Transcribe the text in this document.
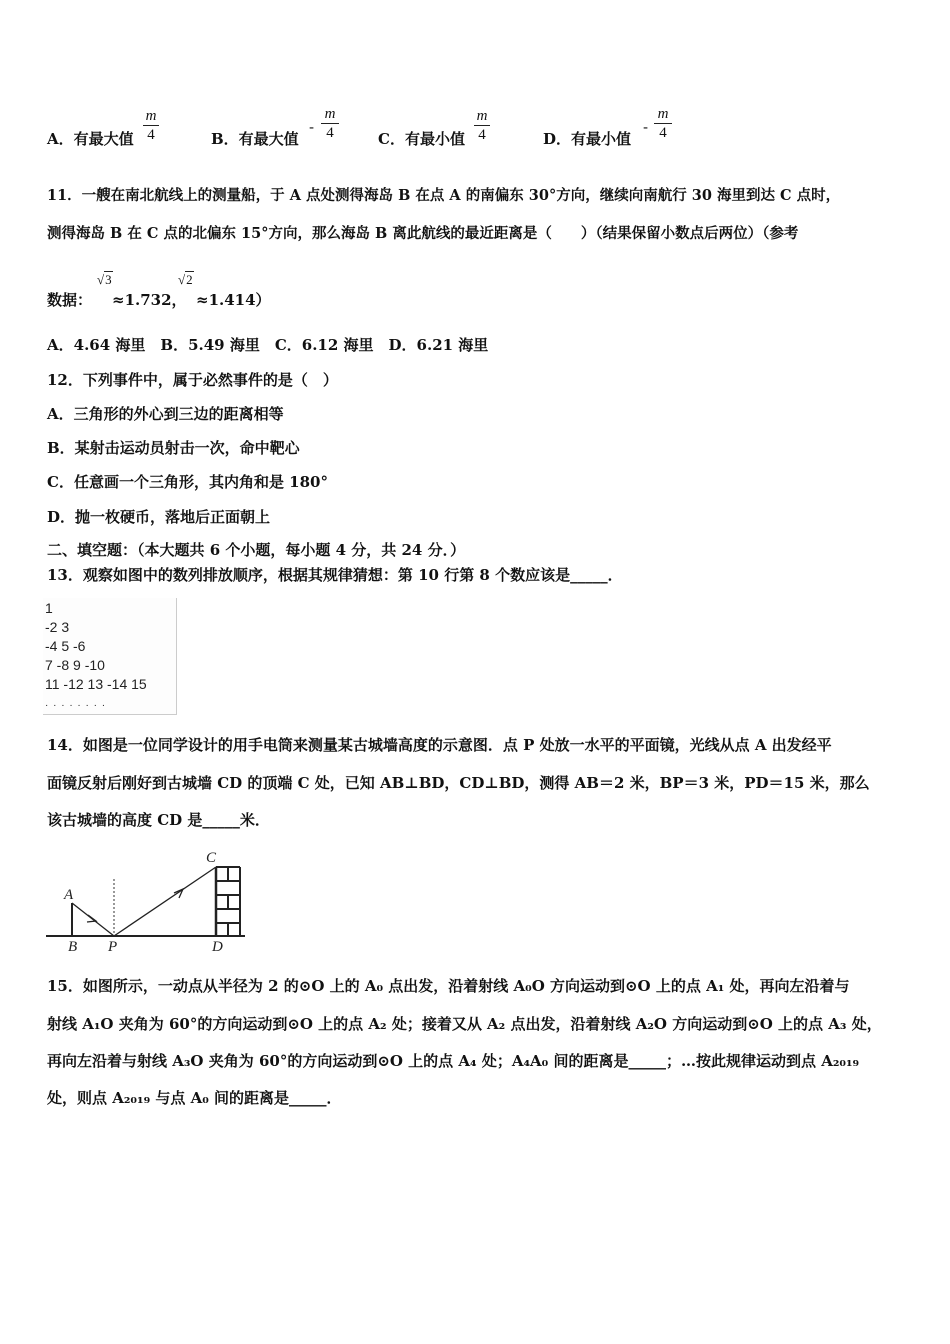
A．有最大值
m
4	B．有最大值
-
m
4	C．有最小值
m
4	D．有最小值
-
m
4
11．一艘在南北航线上的测量船，于 A 点处测得海岛 B 在点 A 的南偏东 30°方向，继续向南航行 30 海里到达 C 点时，
测得海岛 B 在 C 点的北偏东 15°方向，那么海岛 B 离此航线的最近距离是（　　）（结果保留小数点后两位）（参考
数据：
√3
≈1.732，
√2
≈1.414）
A．4.64 海里　B．5.49 海里　C．6.12 海里　D．6.21 海里
12．下列事件中，属于必然事件的是（　）
A．三角形的外心到三边的距离相等
B．某射击运动员射击一次，命中靶心
C．任意画一个三角形，其内角和是 180°
D．抛一枚硬币，落地后正面朝上
二、填空题：（本大题共 6 个小题，每小题 4 分，共 24 分．）
13．观察如图中的数列排放顺序，根据其规律猜想：第 10 行第 8 个数应该是_____．
1
-2 3
-4 5 -6
7 -8 9 -10
11 -12 13 -14 15
· · · · · · · ·
14．如图是一位同学设计的用手电筒来测量某古城墙高度的示意图．点 P 处放一水平的平面镜，光线从点 A 出发经平
面镜反射后刚好到古城墙 CD 的顶端 C 处，已知 AB⊥BD，CD⊥BD，测得 AB＝2 米，BP＝3 米，PD＝15 米，那么
该古城墙的高度 CD 是_____米．
A
B P
C
D
15．如图所示，一动点从半径为 2 的⊙O 上的 A₀ 点出发，沿着射线 A₀O 方向运动到⊙O 上的点 A₁ 处，再向左沿着与
射线 A₁O 夹角为 60°的方向运动到⊙O 上的点 A₂ 处；接着又从 A₂ 点出发，沿着射线 A₂O 方向运动到⊙O 上的点 A₃ 处，
再向左沿着与射线 A₃O 夹角为 60°的方向运动到⊙O 上的点 A₄ 处；A₄A₀ 间的距离是_____；…按此规律运动到点 A₂₀₁₉
处，则点 A₂₀₁₉ 与点 A₀ 间的距离是_____．
